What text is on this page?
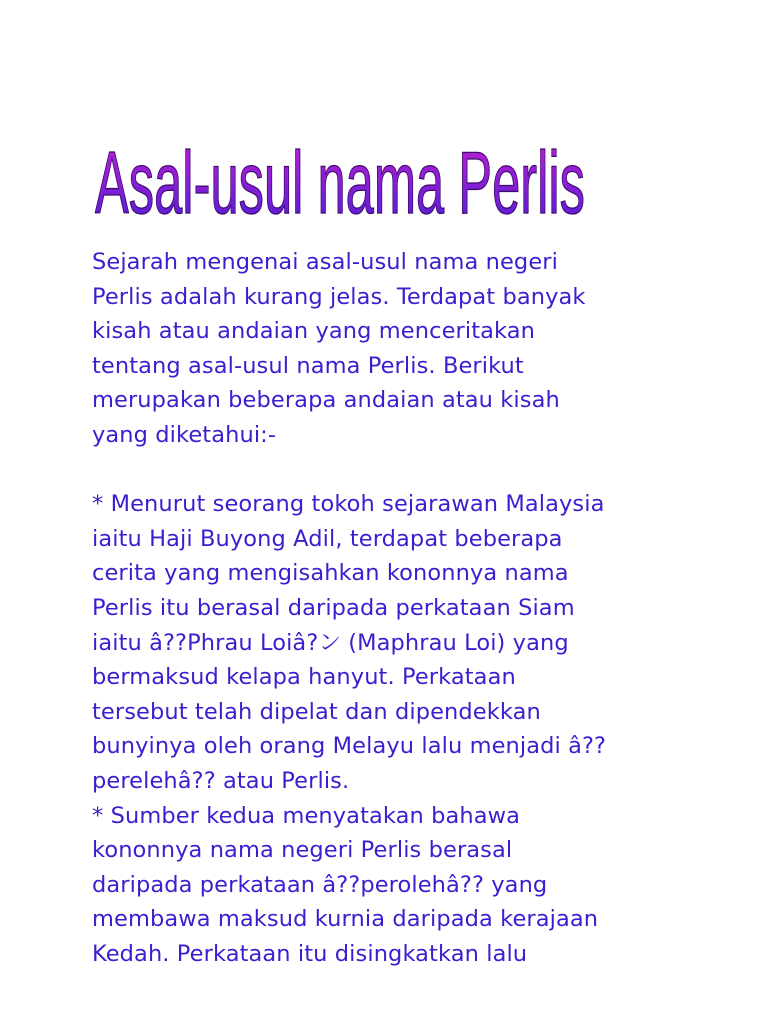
Asal-usul nama Perlis
Sejarah mengenai asal-usul nama negeri
Perlis adalah kurang jelas. Terdapat banyak
kisah atau andaian yang menceritakan
tentang asal-usul nama Perlis. Berikut
merupakan beberapa andaian atau kisah
yang diketahui:-
* Menurut seorang tokoh sejarawan Malaysia
iaitu Haji Buyong Adil, terdapat beberapa
cerita yang mengisahkan kononnya nama
Perlis itu berasal daripada perkataan Siam
iaitu â??Phrau Loiâ?ン (Maphrau Loi) yang
bermaksud kelapa hanyut. Perkataan
tersebut telah dipelat dan dipendekkan
bunyinya oleh orang Melayu lalu menjadi â??
perelehâ?? atau Perlis.
* Sumber kedua menyatakan bahawa
kononnya nama negeri Perlis berasal
daripada perkataan â??perolehâ?? yang
membawa maksud kurnia daripada kerajaan
Kedah. Perkataan itu disingkatkan lalu
